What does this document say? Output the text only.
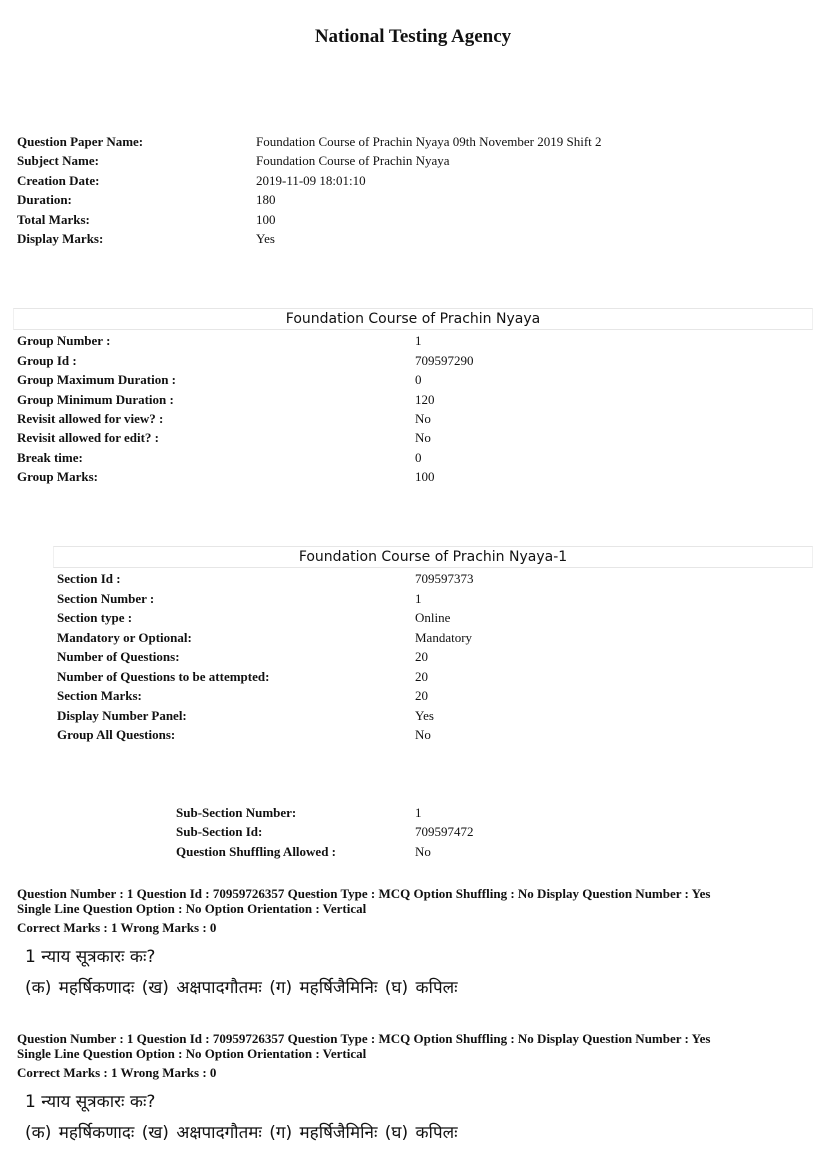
National Testing Agency
Question Paper Name:	Foundation Course of Prachin Nyaya 09th November 2019 Shift 2
Subject Name:	Foundation Course of Prachin Nyaya
Creation Date:	2019-11-09 18:01:10
Duration:	180
Total Marks:	100
Display Marks:	Yes
Foundation Course of Prachin Nyaya
Group Number :	1
Group Id :	709597290
Group Maximum Duration :	0
Group Minimum Duration :	120
Revisit allowed for view? :	No
Revisit allowed for edit? :	No
Break time:	0
Group Marks:	100
Foundation Course of Prachin Nyaya-1
Section Id :	709597373
Section Number :	1
Section type :	Online
Mandatory or Optional:	Mandatory
Number of Questions:	20
Number of Questions to be attempted:	20
Section Marks:	20
Display Number Panel:	Yes
Group All Questions:	No
Sub-Section Number:	1
Sub-Section Id:	709597472
Question Shuffling Allowed :	No
Question Number : 1 Question Id : 70959726357 Question Type : MCQ Option Shuffling : No Display Question Number : Yes
Single Line Question Option : No Option Orientation : Vertical
Correct Marks : 1 Wrong Marks : 0
1 न्याय सूत्रकारः कः?
(क) महर्षिकणादः (ख) अक्षपादगौतमः (ग) महर्षिजैमिनिः (घ) कपिलः
Question Number : 1 Question Id : 70959726357 Question Type : MCQ Option Shuffling : No Display Question Number : Yes
Single Line Question Option : No Option Orientation : Vertical
Correct Marks : 1 Wrong Marks : 0
1 न्याय सूत्रकारः कः?
(क) महर्षिकणादः (ख) अक्षपादगौतमः (ग) महर्षिजैमिनिः (घ) कपिलः
